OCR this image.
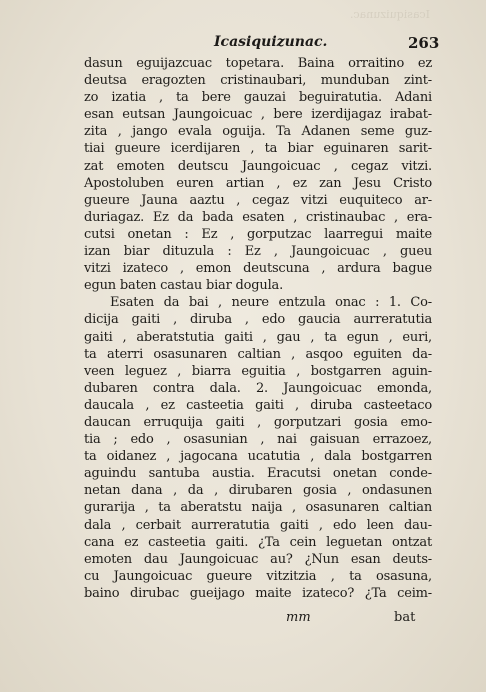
Icasiquizunac.
Icasiquizunac.	263
dasun eguijazcuac topetara. Baina orraitino ez
deutsa eragozten cristinaubari, munduban zint-
zo izatia , ta bere gauzai beguiratutia. Adani
esan eutsan Jaungoicuac , bere izerdijagaz irabat-
zita , jango evala oguija. Ta Adanen seme guz-
tiai gueure icerdijaren , ta biar eguinaren sarit-
zat emoten deutscu Jaungoicuac , cegaz vitzi.
Apostoluben euren artian , ez zan Jesu Cristo
gueure Jauna aaztu , cegaz vitzi euquiteco ar-
duriagaz. Ez da bada esaten , cristinaubac , era-
cutsi onetan : Ez , gorputzac laarregui maite
izan biar dituzula : Ez , Jaungoicuac , gueu
vitzi izateco , emon deutscuna , ardura bague
egun baten castau biar dogula.
Esaten da bai , neure entzula onac : 1. Co-
dicija gaiti , diruba , edo gaucia aurreratutia
gaiti , aberatstutia gaiti , gau , ta egun , euri,
ta aterri osasunaren caltian , asqoo eguiten da-
veen leguez , biarra eguitia , bostgarren aguin-
dubaren contra dala. 2. Jaungoicuac emonda,
daucala , ez casteetia gaiti , diruba casteetaco
daucan erruquija gaiti , gorputzari gosia emo-
tia ; edo , osasunian , nai gaisuan errazoez,
ta oidanez , jagocana ucatutia , dala bostgarren
aguindu santuba austia. Eracutsi onetan conde-
netan dana , da , dirubaren gosia , ondasunen
gurarija , ta aberatstu naija , osasunaren caltian
dala , cerbait aurreratutia gaiti , edo leen dau-
cana ez casteetia gaiti. ¿Ta cein leguetan ontzat
emoten dau Jaungoicuac au? ¿Nun esan deuts-
cu Jaungoicuac gueure vitzitzia , ta osasuna,
baino dirubac gueijago maite izateco? ¿Ta ceim-
mm	bat
